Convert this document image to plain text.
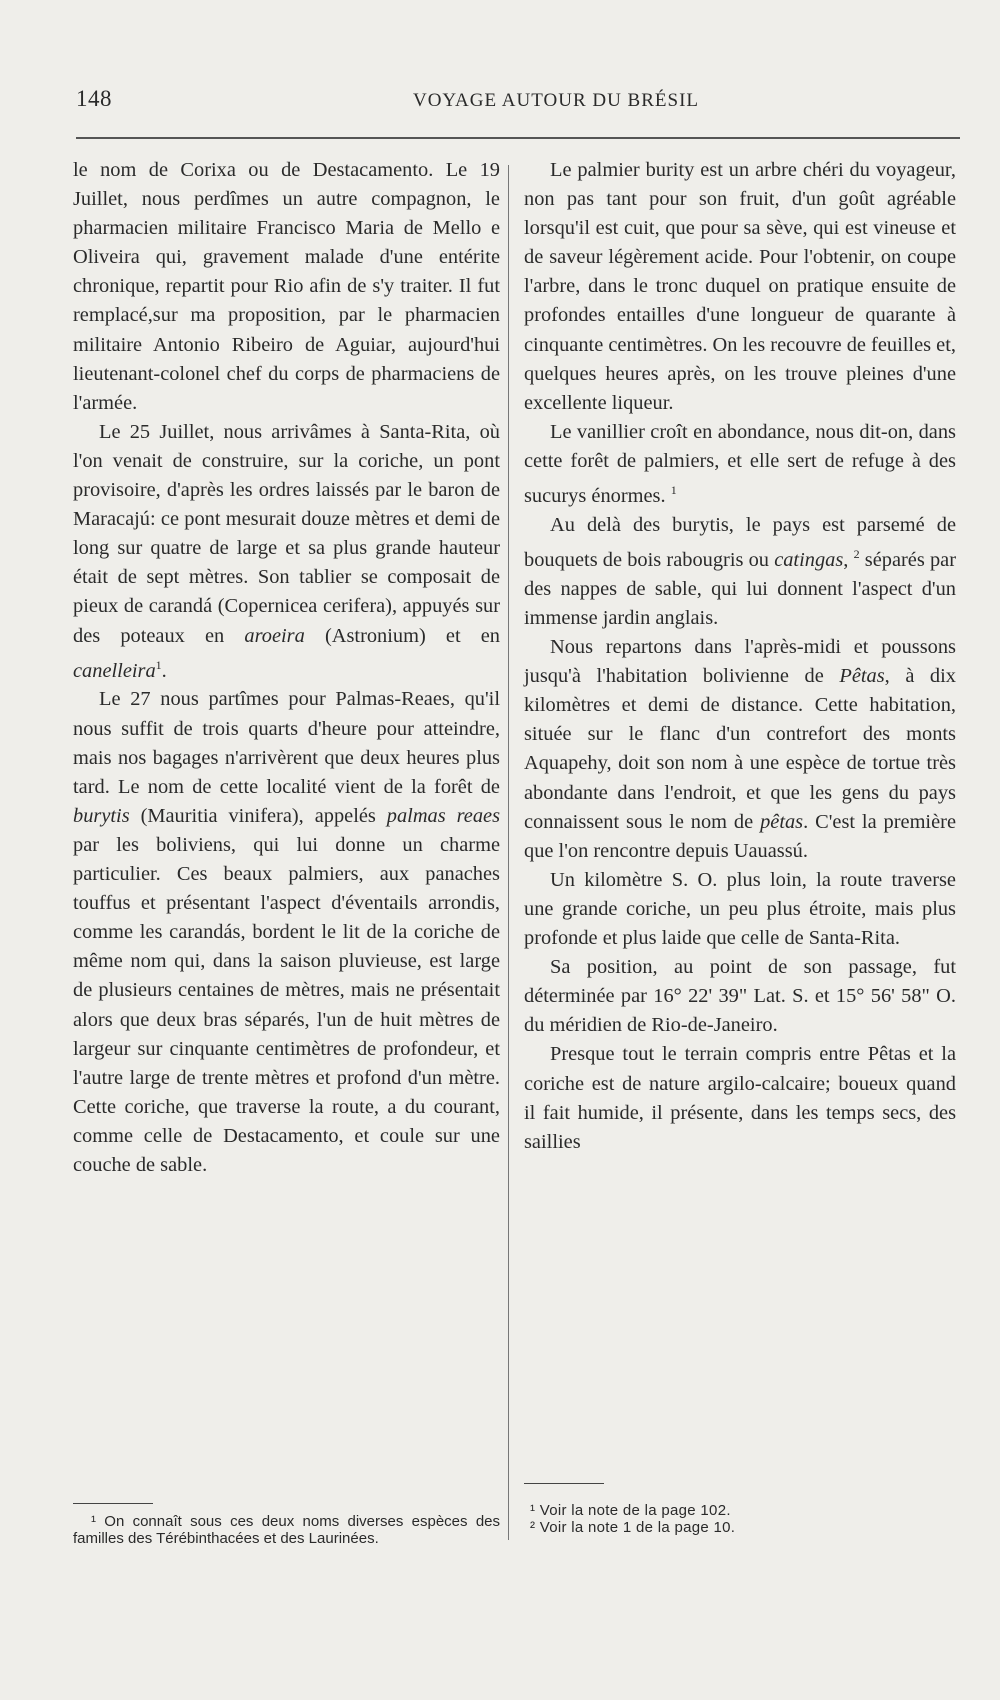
148	VOYAGE AUTOUR DU BRÉSIL

le nom de Corixa ou de Destacamento. Le 19 Juillet, nous perdîmes un autre compagnon, le pharmacien militaire Francisco Maria de Mello e Oliveira qui, gravement malade d'une entérite chronique, repartit pour Rio afin de s'y traiter. Il fut remplacé,sur ma proposition, par le pharmacien militaire Antonio Ribeiro de Aguiar, aujourd'hui lieutenant-colonel chef du corps de pharmaciens de l'armée.

Le 25 Juillet, nous arrivâmes à Santa-Rita, où l'on venait de construire, sur la coriche, un pont provisoire, d'après les ordres laissés par le baron de Maracajú: ce pont mesurait douze mètres et demi de long sur quatre de large et sa plus grande hauteur était de sept mètres. Son tablier se composait de pieux de carandá (Copernicea cerifera), appuyés sur des poteaux en aroeira (Astronium) et en canelleira$^1$.

Le 27 nous partîmes pour Palmas-Reaes, qu'il nous suffit de trois quarts d'heure pour atteindre, mais nos bagages n'arrivèrent que deux heures plus tard. Le nom de cette localité vient de la forêt de burytis (Mauritia vinifera), appelés palmas reaes par les boliviens, qui lui donne un charme particulier. Ces beaux palmiers, aux panaches touffus et présentant l'aspect d'éventails arrondis, comme les carandás, bordent le lit de la coriche de même nom qui, dans la saison pluvieuse, est large de plusieurs centaines de mètres, mais ne présentait alors que deux bras séparés, l'un de huit mètres de largeur sur cinquante centimètres de profondeur, et l'autre large de trente mètres et profond d'un mètre. Cette coriche, que traverse la route, a du courant, comme celle de Destacamento, et coule sur une couche de sable.

Le palmier burity est un arbre chéri du voyageur, non pas tant pour son fruit, d'un goût agréable lorsqu'il est cuit, que pour sa sève, qui est vineuse et de saveur légèrement acide. Pour l'obtenir, on coupe l'arbre, dans le tronc duquel on pratique ensuite de profondes entailles d'une longueur de quarante à cinquante centimètres. On les recouvre de feuilles et, quelques heures après, on les trouve pleines d'une excellente liqueur.

Le vanillier croît en abondance, nous dit-on, dans cette forêt de palmiers, et elle sert de refuge à des sucurys énormes. $^1$

Au delà des burytis, le pays est parsemé de bouquets de bois rabougris ou catingas, $^2$ séparés par des nappes de sable, qui lui donnent l'aspect d'un immense jardin anglais.

Nous repartons dans l'après-midi et poussons jusqu'à l'habitation bolivienne de Pêtas, à dix kilomètres et demi de distance. Cette habitation, située sur le flanc d'un contrefort des monts Aquapehy, doit son nom à une espèce de tortue très abondante dans l'endroit, et que les gens du pays connaissent sous le nom de pêtas. C'est la première que l'on rencontre depuis Uauassú.

Un kilomètre S. O. plus loin, la route traverse une grande coriche, un peu plus étroite, mais plus profonde et plus laide que celle de Santa-Rita.

Sa position, au point de son passage, fut déterminée par 16° 22' 39" Lat. S. et 15° 56' 58" O. du méridien de Rio-de-Janeiro.

Presque tout le terrain compris entre Pêtas et la coriche est de nature argilo-calcaire; boueux quand il fait humide, il présente, dans les temps secs, des saillies

¹ On connaît sous ces deux noms diverses espèces des familles des Térébinthacées et des Laurinées.

¹ Voir la note de la page 102.

² Voir la note 1 de la page 10.
